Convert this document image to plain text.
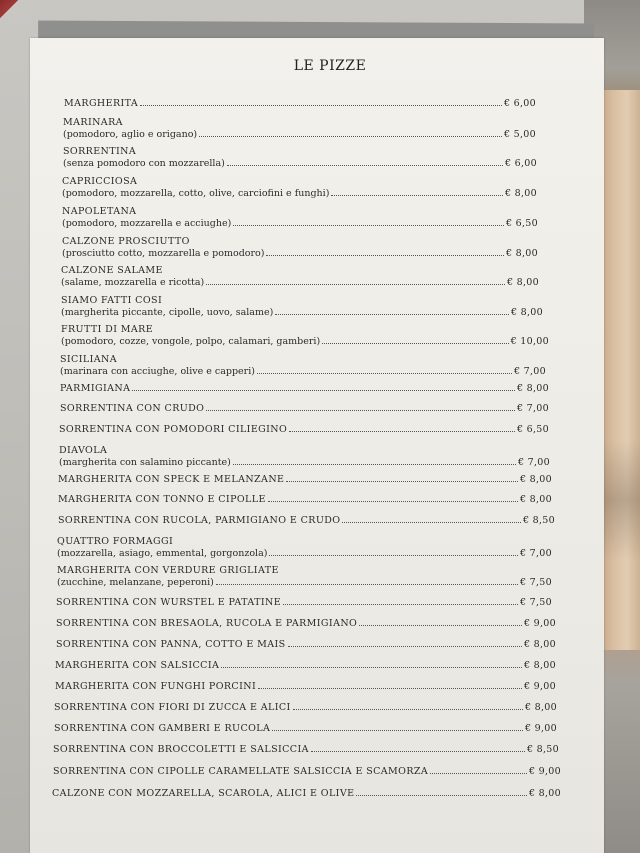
LE PIZZE
MARGHERITA	€ 6,00
MARINARA
(pomodoro, aglio e origano)	€ 5,00
SORRENTINA
(senza pomodoro con mozzarella)	€ 6,00
CAPRICCIOSA
(pomodoro, mozzarella, cotto, olive, carciofini e funghi)	€ 8,00
NAPOLETANA
(pomodoro, mozzarella e acciughe)	€ 6,50
CALZONE PROSCIUTTO
(prosciutto cotto, mozzarella e pomodoro)	€ 8,00
CALZONE SALAME
(salame, mozzarella e ricotta)	€ 8,00
SIAMO FATTI COSI
(margherita piccante, cipolle, uovo, salame)	€ 8,00
FRUTTI DI MARE
(pomodoro, cozze, vongole, polpo, calamari, gamberi)	€ 10,00
SICILIANA
(marinara con acciughe, olive e capperi)	€ 7,00
PARMIGIANA	€ 8,00
SORRENTINA CON CRUDO	€ 7,00
SORRENTINA CON POMODORI CILIEGINO	€ 6,50
DIAVOLA
(margherita con salamino piccante)	€ 7,00
MARGHERITA CON SPECK E MELANZANE	€ 8,00
MARGHERITA CON TONNO E CIPOLLE	€ 8,00
SORRENTINA CON RUCOLA, PARMIGIANO E CRUDO	€ 8,50
QUATTRO FORMAGGI
(mozzarella, asiago, emmental, gorgonzola)	€ 7,00
MARGHERITA CON VERDURE GRIGLIATE
(zucchine, melanzane, peperoni)	€ 7,50
SORRENTINA CON WURSTEL E PATATINE	€ 7,50
SORRENTINA CON BRESAOLA, RUCOLA E PARMIGIANO	€ 9,00
SORRENTINA CON PANNA, COTTO E MAIS	€ 8,00
MARGHERITA CON SALSICCIA	€ 8,00
MARGHERITA CON FUNGHI PORCINI	€ 9,00
SORRENTINA CON FIORI DI ZUCCA E ALICI	€ 8,00
SORRENTINA CON GAMBERI E RUCOLA	€ 9,00
SORRENTINA CON BROCCOLETTI E SALSICCIA	€ 8,50
SORRENTINA CON CIPOLLE CARAMELLATE SALSICCIA E SCAMORZA	€ 9,00
CALZONE CON MOZZARELLA, SCAROLA, ALICI E OLIVE	€ 8,00
